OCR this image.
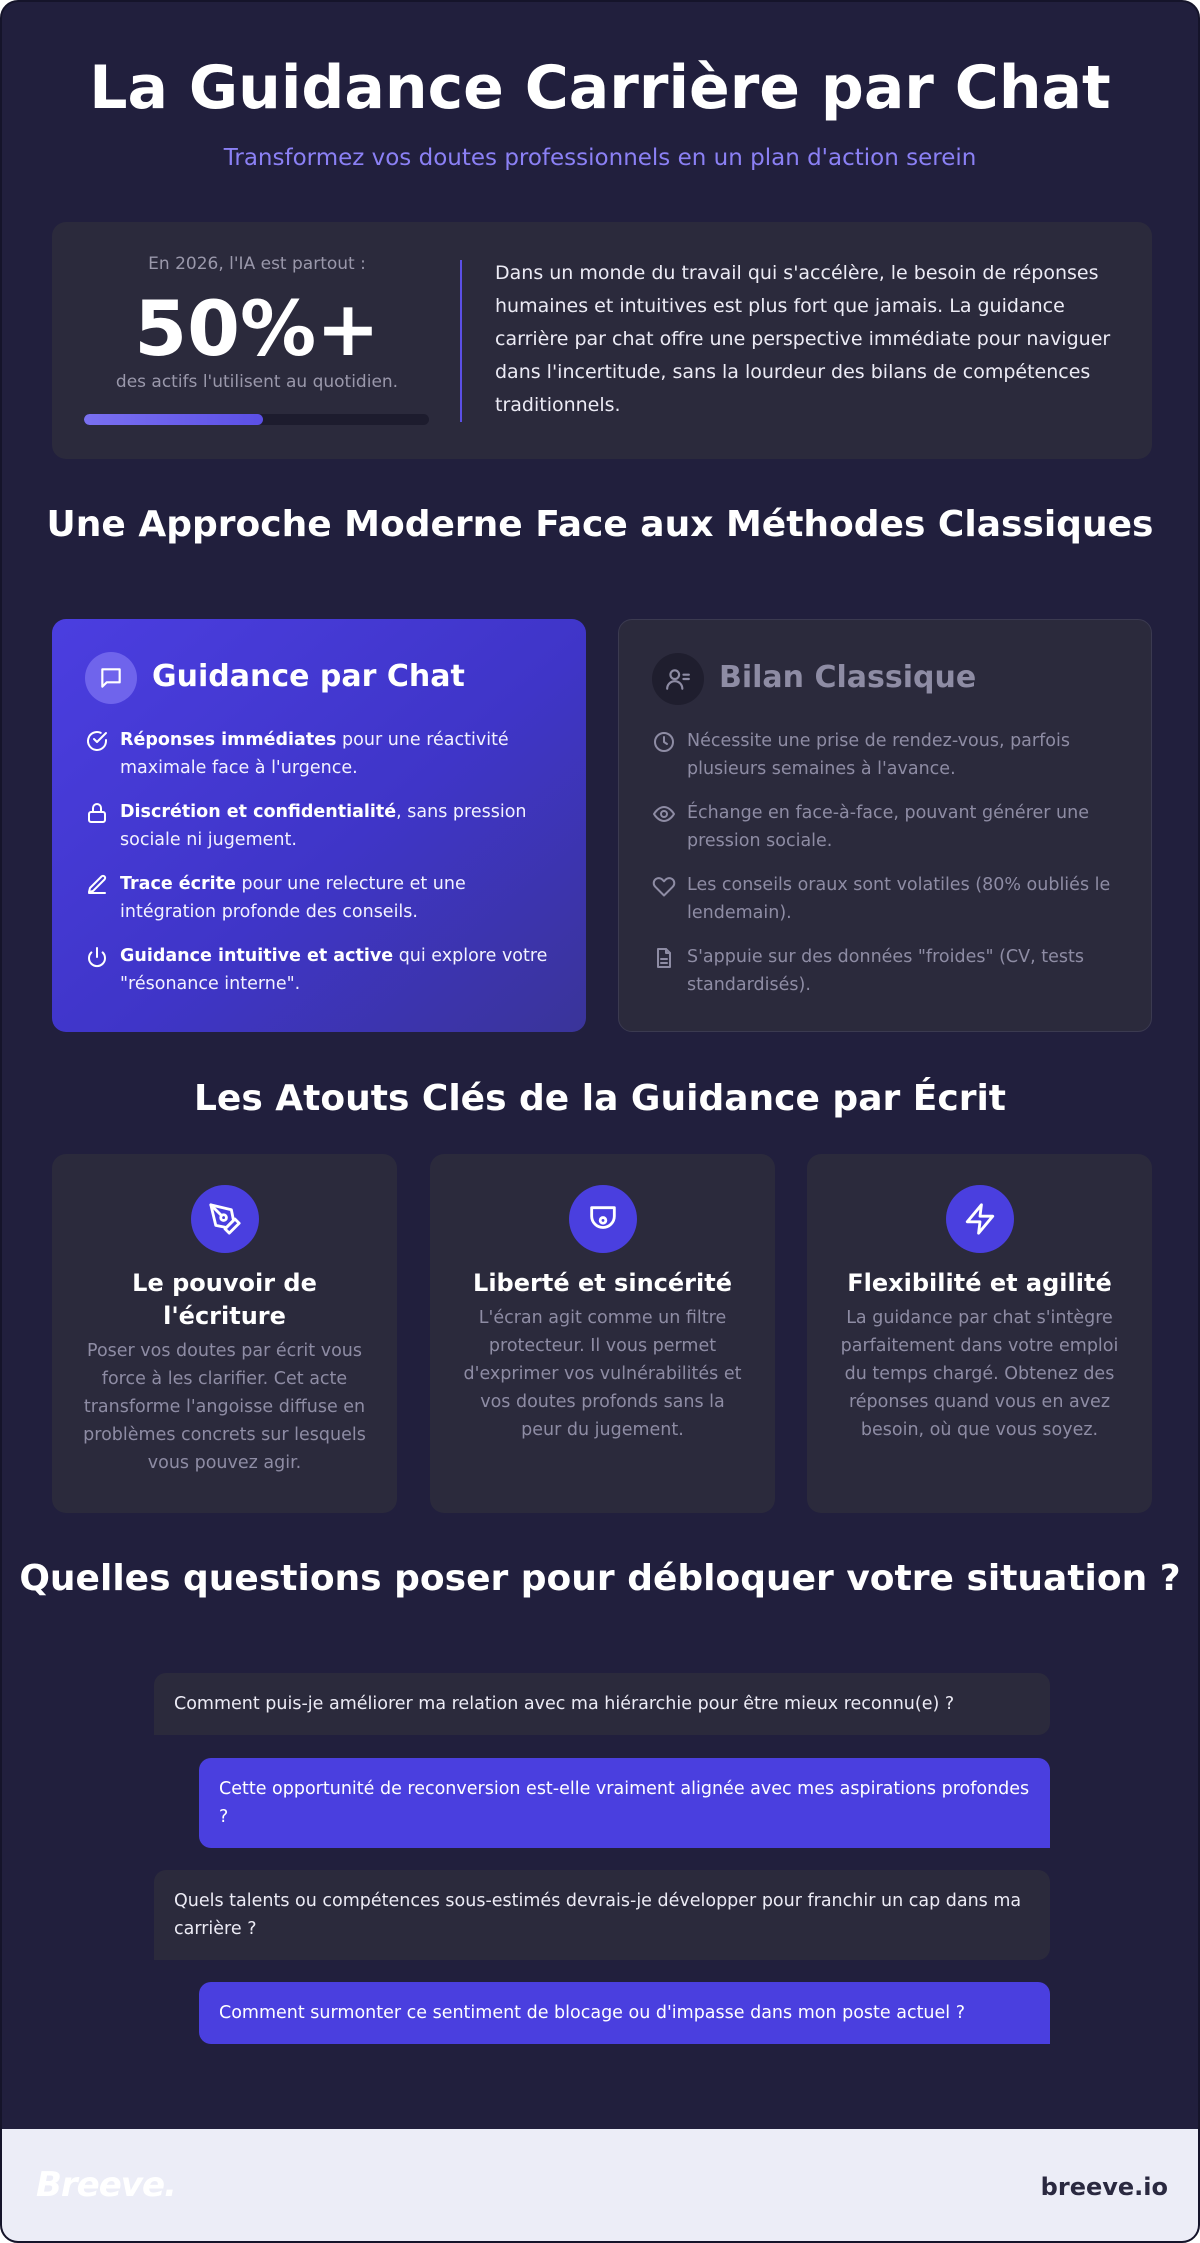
La Guidance Carrière par Chat
Transformez vos doutes professionnels en un plan d'action serein
En 2026, l'IA est partout :
50%+
des actifs l'utilisent au quotidien.

Dans un monde du travail qui s'accélère, le besoin de réponses humaines et intuitives est plus fort que jamais. La guidance carrière par chat offre une perspective immédiate pour naviguer dans l'incertitude, sans la lourdeur des bilans de compétences traditionnels.

Une Approche Moderne Face aux Méthodes Classiques
Guidance par Chat
Réponses immédiates pour une réactivité maximale face à l'urgence.
Discrétion et confidentialité, sans pression sociale ni jugement.
Trace écrite pour une relecture et une intégration profonde des conseils.
Guidance intuitive et active qui explore votre "résonance interne".
Bilan Classique
Nécessite une prise de rendez-vous, parfois plusieurs semaines à l'avance.
Échange en face-à-face, pouvant générer une pression sociale.
Les conseils oraux sont volatiles (80% oubliés le lendemain).
S'appuie sur des données "froides" (CV, tests standardisés).
Les Atouts Clés de la Guidance par Écrit
Le pouvoir de l'écriture

Poser vos doutes par écrit vous force à les clarifier. Cet acte transforme l'angoisse diffuse en problèmes concrets sur lesquels vous pouvez agir.

Liberté et sincérité

L'écran agit comme un filtre protecteur. Il vous permet d'exprimer vos vulnérabilités et vos doutes profonds sans la peur du jugement.

Flexibilité et agilité

La guidance par chat s'intègre parfaitement dans votre emploi du temps chargé. Obtenez des réponses quand vous en avez besoin, où que vous soyez.

Quelles questions poser pour débloquer votre situation ?
Comment puis-je améliorer ma relation avec ma hiérarchie pour être mieux reconnu(e) ?
Cette opportunité de reconversion est-elle vraiment alignée avec mes aspirations profondes ?
Quels talents ou compétences sous-estimés devrais-je développer pour franchir un cap dans ma carrière ?
Comment surmonter ce sentiment de blocage ou d'impasse dans mon poste actuel ?
Breeve.	breeve.io
